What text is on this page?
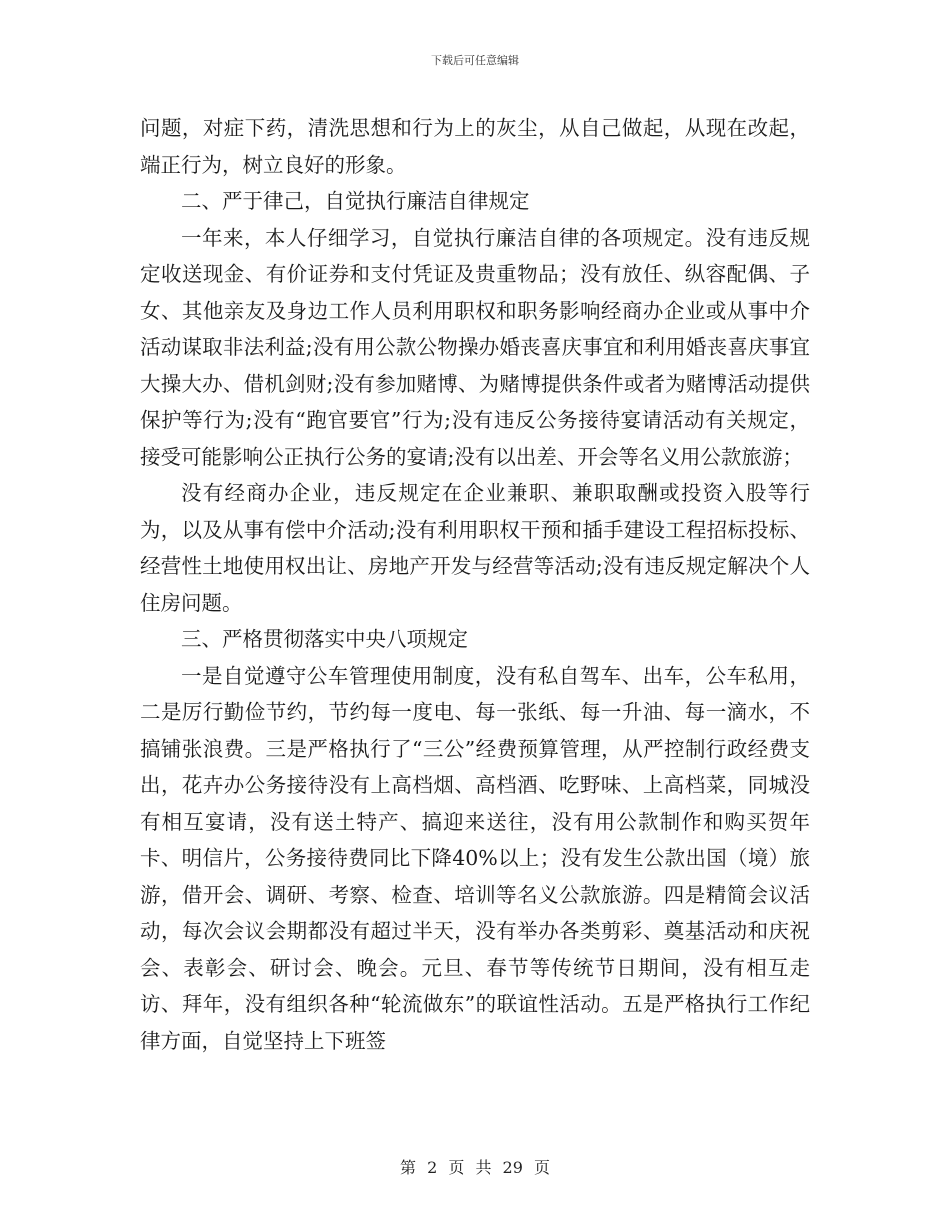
下载后可任意编辑

问题，对症下药，清洗思想和行为上的灰尘，从自己做起，从现在改起，端正行为，树立良好的形象。

二、严于律己，自觉执行廉洁自律规定

一年来，本人仔细学习，自觉执行廉洁自律的各项规定。没有违反规定收送现金、有价证券和支付凭证及贵重物品；没有放任、纵容配偶、子女、其他亲友及身边工作人员利用职权和职务影响经商办企业或从事中介活动谋取非法利益;没有用公款公物操办婚丧喜庆事宜和利用婚丧喜庆事宜大操大办、借机剑财;没有参加赌博、为赌博提供条件或者为赌博活动提供保护等行为;没有“跑官要官”行为;没有违反公务接待宴请活动有关规定，接受可能影响公正执行公务的宴请;没有以出差、开会等名义用公款旅游；

没有经商办企业，违反规定在企业兼职、兼职取酬或投资入股等行为，以及从事有偿中介活动;没有利用职权干预和插手建设工程招标投标、经营性土地使用权出让、房地产开发与经营等活动;没有违反规定解决个人住房问题。

三、严格贯彻落实中央八项规定

一是自觉遵守公车管理使用制度，没有私自驾车、出车，公车私用，二是厉行勤俭节约，节约每一度电、每一张纸、每一升油、每一滴水，不搞铺张浪费。三是严格执行了“三公”经费预算管理，从严控制行政经费支出，花卉办公务接待没有上高档烟、高档酒、吃野味、上高档菜，同城没有相互宴请，没有送土特产、搞迎来送往，没有用公款制作和购买贺年卡、明信片，公务接待费同比下降40%以上；没有发生公款出国（境）旅游，借开会、调研、考察、检查、培训等名义公款旅游。四是精简会议活动，每次会议会期都没有超过半天，没有举办各类剪彩、奠基活动和庆祝会、表彰会、研讨会、晚会。元旦、春节等传统节日期间，没有相互走访、拜年，没有组织各种“轮流做东”的联谊性活动。五是严格执行工作纪律方面，自觉坚持上下班签

第 2 页 共 29 页
